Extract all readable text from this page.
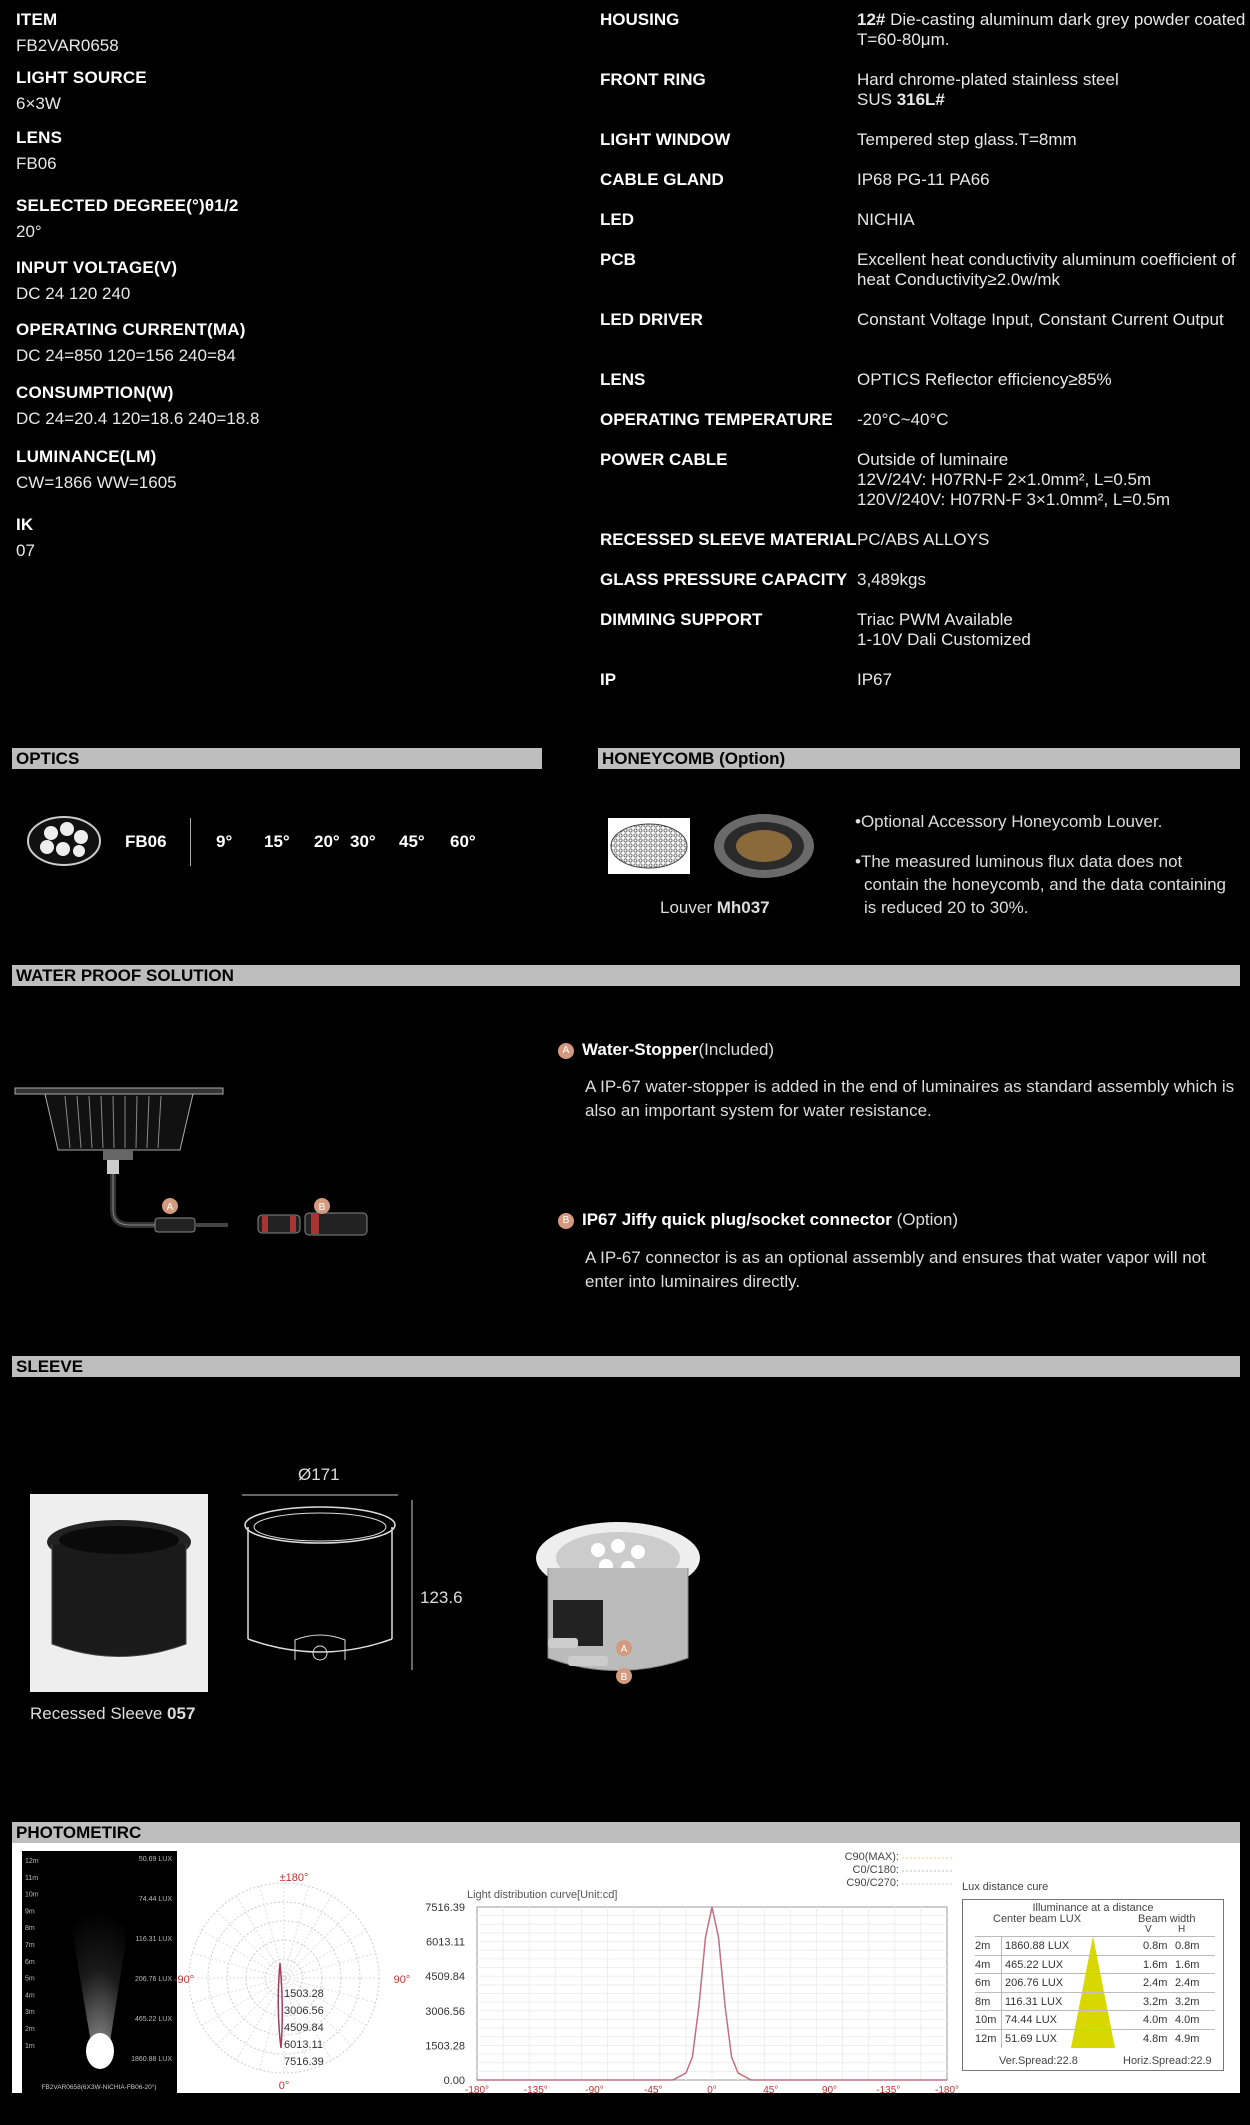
ITEM
FB2VAR0658
LIGHT SOURCE
6×3W
LENS
FB06
SELECTED DEGREE(°)θ1/2
20°
INPUT VOLTAGE(V)
DC 24 120 240
OPERATING CURRENT(MA)
DC 24=850 120=156 240=84
CONSUMPTION(W)
DC 24=20.4 120=18.6 240=18.8
LUMINANCE(LM)
CW=1866 WW=1605
IK
07
HOUSING	12# Die-casting aluminum dark grey powder coated T=60-80μm.
FRONT RING	Hard chrome-plated stainless steel
SUS 316L#
LIGHT WINDOW	Tempered step glass.T=8mm
CABLE GLAND	IP68 PG-11 PA66
LED	NICHIA
PCB	Excellent heat conductivity aluminum coefficient of heat Conductivity≥2.0w/mk
LED DRIVER	Constant Voltage Input, Constant Current Output
LENS	OPTICS Reflector efficiency≥85%
OPERATING TEMPERATURE -20°C~40°C
POWER CABLE	Outside of luminaire
12V/24V: H07RN-F 2×1.0mm², L=0.5m
120V/240V: H07RN-F 3×1.0mm², L=0.5m
RECESSED SLEEVE MATERIAL PC/ABS ALLOYS
GLASS PRESSURE CAPACITY 3,489kgs
DIMMING SUPPORT	Triac PWM Available
1-10V Dali Customized
IP	IP67
OPTICS	HONEYCOMB (Option)
FB06	9°	15°	20° 30°	45°	60°
Louver Mh037
•Optional Accessory Honeycomb Louver.
•The measured luminous flux data does not contain the honeycomb, and the data containing is reduced 20 to 30%.
WATER PROOF SOLUTION
A	B
A Water-Stopper(Included)
A IP-67 water-stopper is added in the end of luminaires as standard assembly which is also an important system for water resistance.
B IP67 Jiffy quick plug/socket connector (Option)
A IP-67 connector is as an optional assembly and ensures that water vapor will not enter into luminaires directly.
SLEEVE
Recessed Sleeve 057
Ø171
123.6
A
B
PHOTOMETIRC
12m
11m
10m
9m
8m
7m
6m
5m
4m
3m
2m
1m
50.69 LUX
74.44 LUX
116.31 LUX
206.76 LUX
465.22 LUX
1860.88 LUX
FB2VAR0658(6X3W-NICHIA-FB06-20°)
±180°
-90°	90°
0°
1503.28
3006.56
4509.84
6013.11
7516.39
C90(MAX):
C0/C180:
C90/C270:
Light distribution curve[Unit:cd]
0.00
1503.28
3006.56
4509.84
6013.11
7516.39
-180°	-135°	-90°	-45°	0°	45°	90°	-135°	-180°
Lux distance cure
Illuminance at a distance
Center beam LUX	Beam width
V	H
2m 1860.88 LUX	0.8m 0.8m
4m 465.22 LUX	1.6m 1.6m
6m 206.76 LUX	2.4m 2.4m
8m 116.31 LUX	3.2m 3.2m
10m 74.44 LUX	4.0m 4.0m
12m 51.69 LUX	4.8m 4.9m
Ver.Spread:22.8	Horiz.Spread:22.9
